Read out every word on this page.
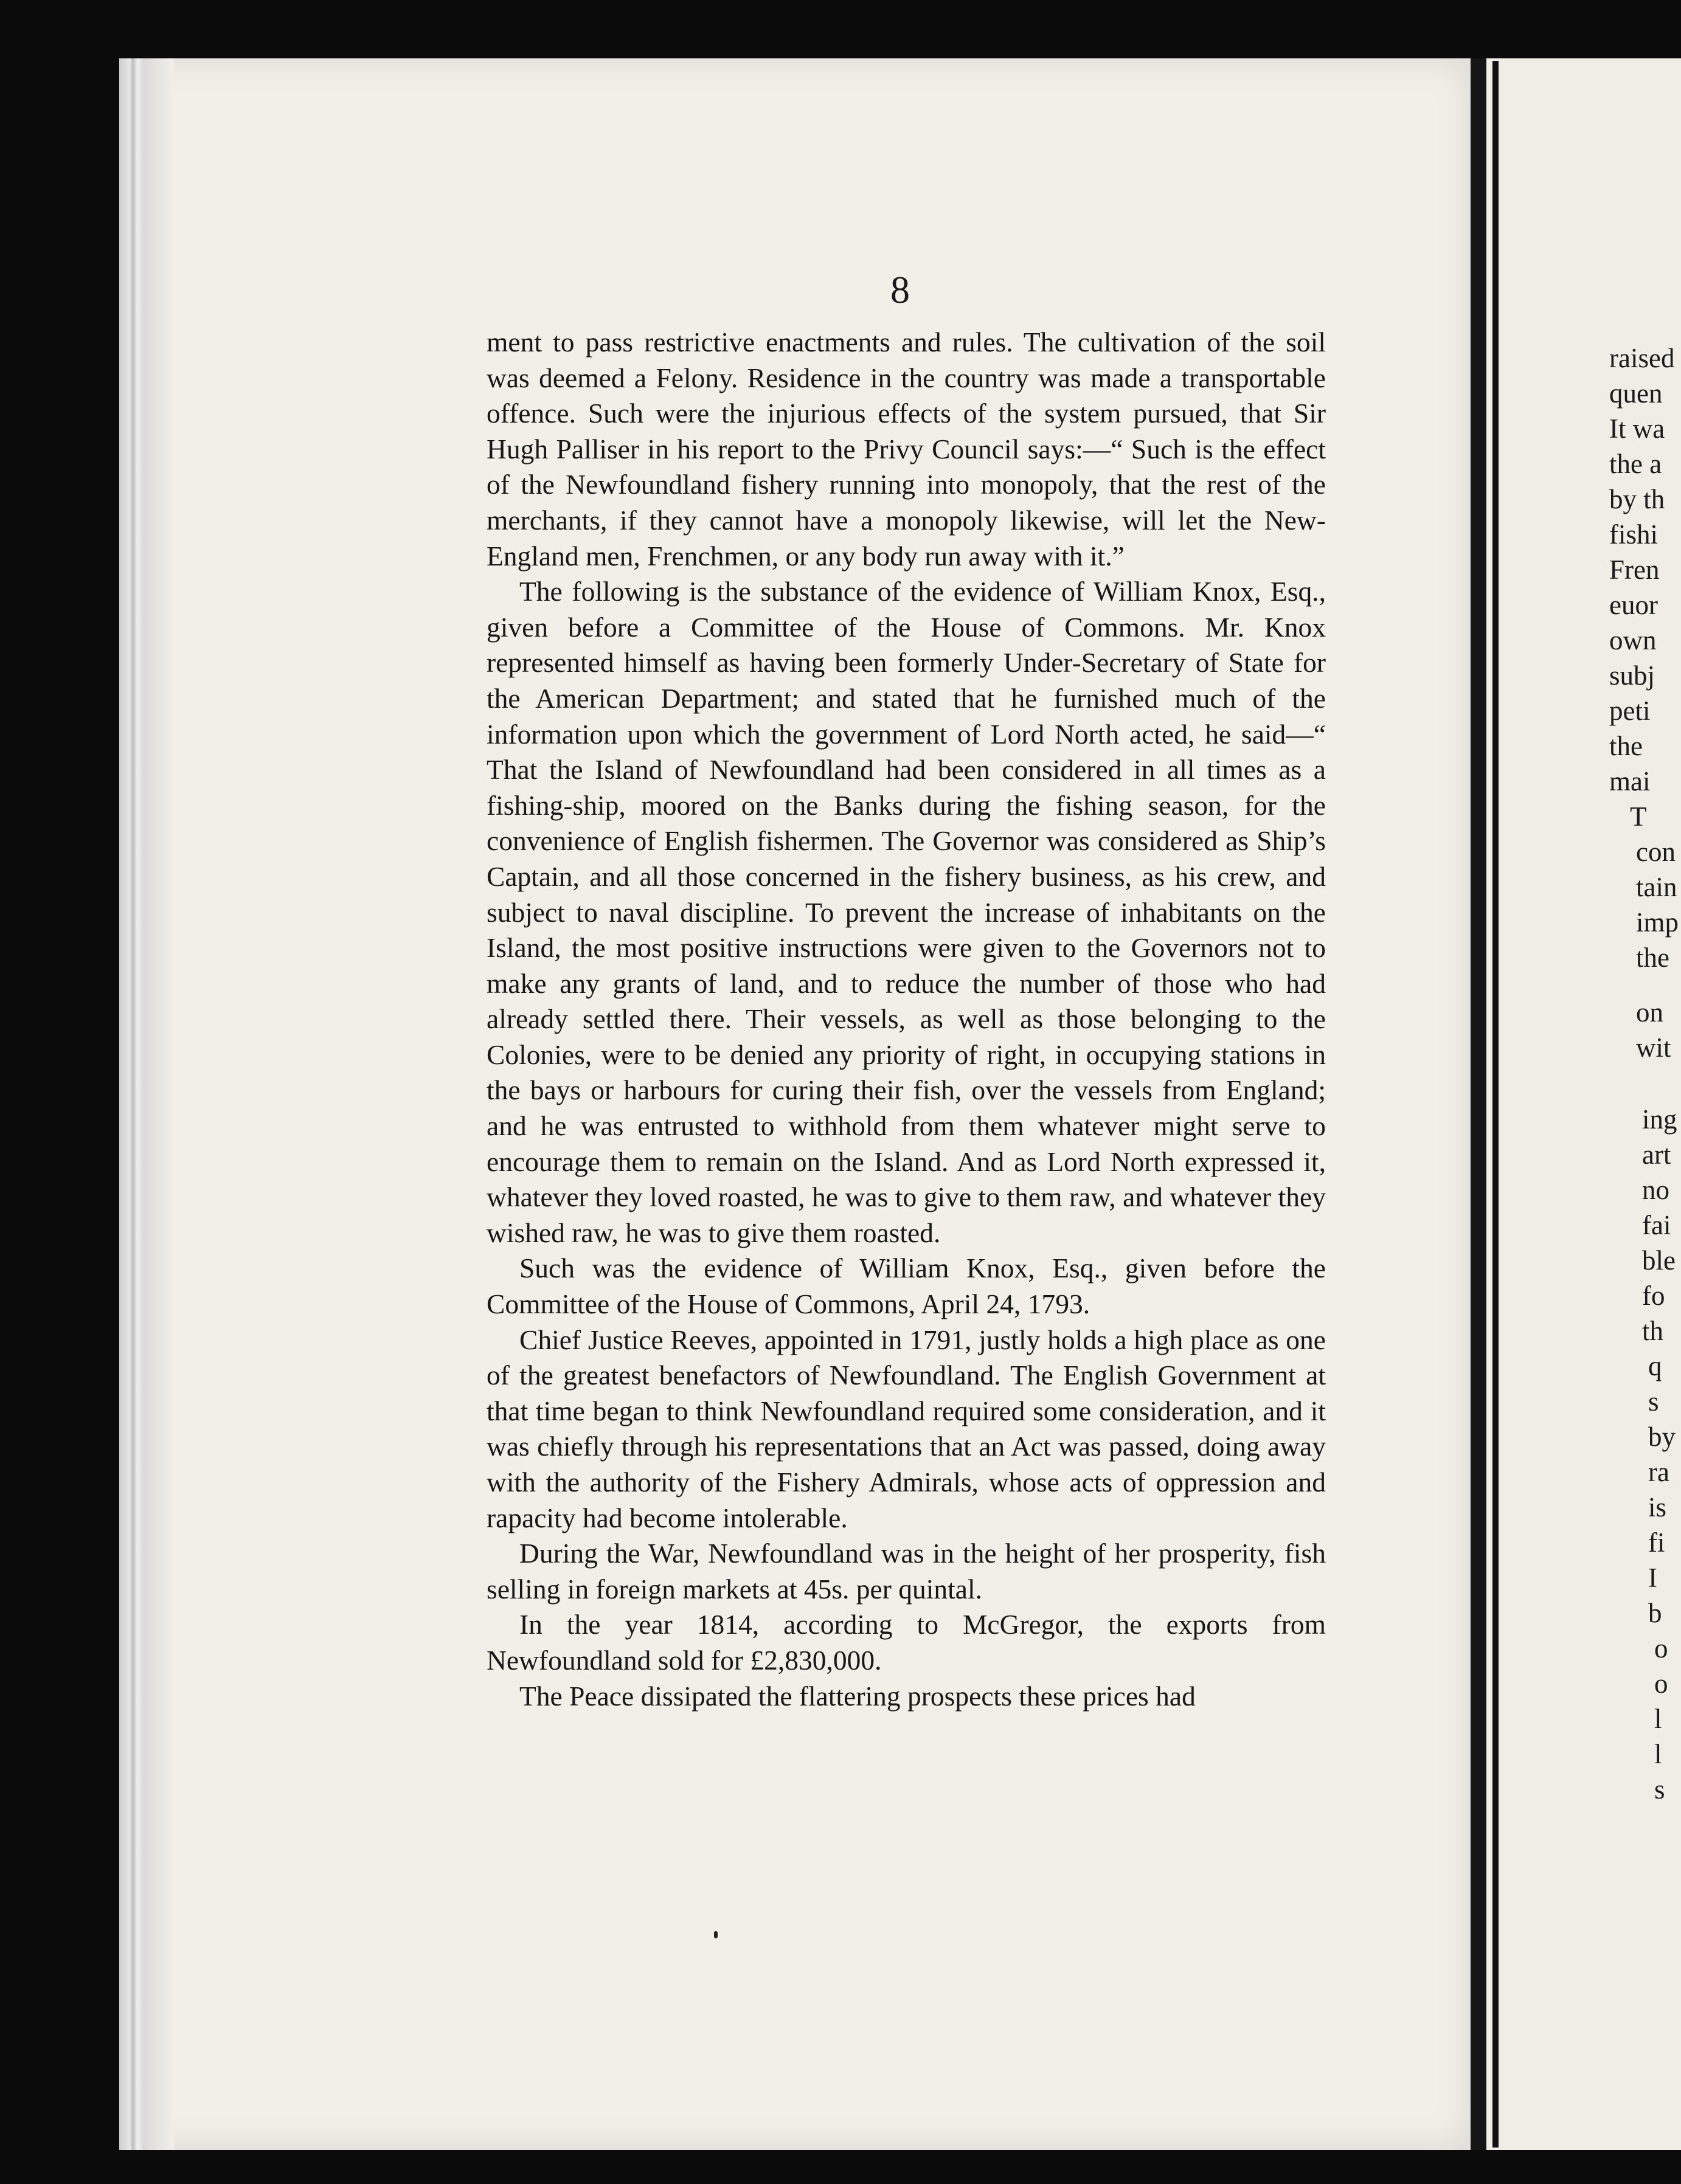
8

ment to pass restrictive enactments and rules. The cultivation of the soil was deemed a Felony. Residence in the country was made a transportable offence. Such were the injurious effects of the system pursued, that Sir Hugh Palliser in his report to the Privy Council says:—“ Such is the effect of the Newfoundland fishery running into monopoly, that the rest of the merchants, if they cannot have a monopoly likewise, will let the New-England men, Frenchmen, or any body run away with it.”

The following is the substance of the evidence of William Knox, Esq., given before a Committee of the House of Commons. Mr. Knox represented himself as having been formerly Under-Secretary of State for the American Department; and stated that he furnished much of the information upon which the government of Lord North acted, he said—“ That the Island of Newfoundland had been considered in all times as a fishing-ship, moored on the Banks during the fishing season, for the convenience of English fishermen. The Governor was considered as Ship’s Captain, and all those concerned in the fishery business, as his crew, and subject to naval discipline. To prevent the increase of inhabitants on the Island, the most positive instructions were given to the Governors not to make any grants of land, and to reduce the number of those who had already settled there. Their vessels, as well as those belonging to the Colonies, were to be denied any priority of right, in occupying stations in the bays or harbours for curing their fish, over the vessels from England; and he was entrusted to withhold from them whatever might serve to encourage them to remain on the Island. And as Lord North expressed it, whatever they loved roasted, he was to give to them raw, and whatever they wished raw, he was to give them roasted.

Such was the evidence of William Knox, Esq., given before the Committee of the House of Commons, April 24, 1793.

Chief Justice Reeves, appointed in 1791, justly holds a high place as one of the greatest benefactors of Newfoundland. The English Government at that time began to think Newfoundland required some consideration, and it was chiefly through his representations that an Act was passed, doing away with the authority of the Fishery Admirals, whose acts of oppression and rapacity had become intolerable.

During the War, Newfoundland was in the height of her prosperity, fish selling in foreign markets at 45s. per quintal.

In the year 1814, according to McGregor, the exports from Newfoundland sold for £2,830,000.

The Peace dissipated the flattering prospects these prices had

raised
quen
It wa
the a
by th
fishi
Fren
euor
own
subj
peti
the
mai
T
con
tain
imp
the
on
wit
ing
art
no
fai
ble
fo
th
q
s
by
ra
is
fi
I
b
o
o
l
l
s
